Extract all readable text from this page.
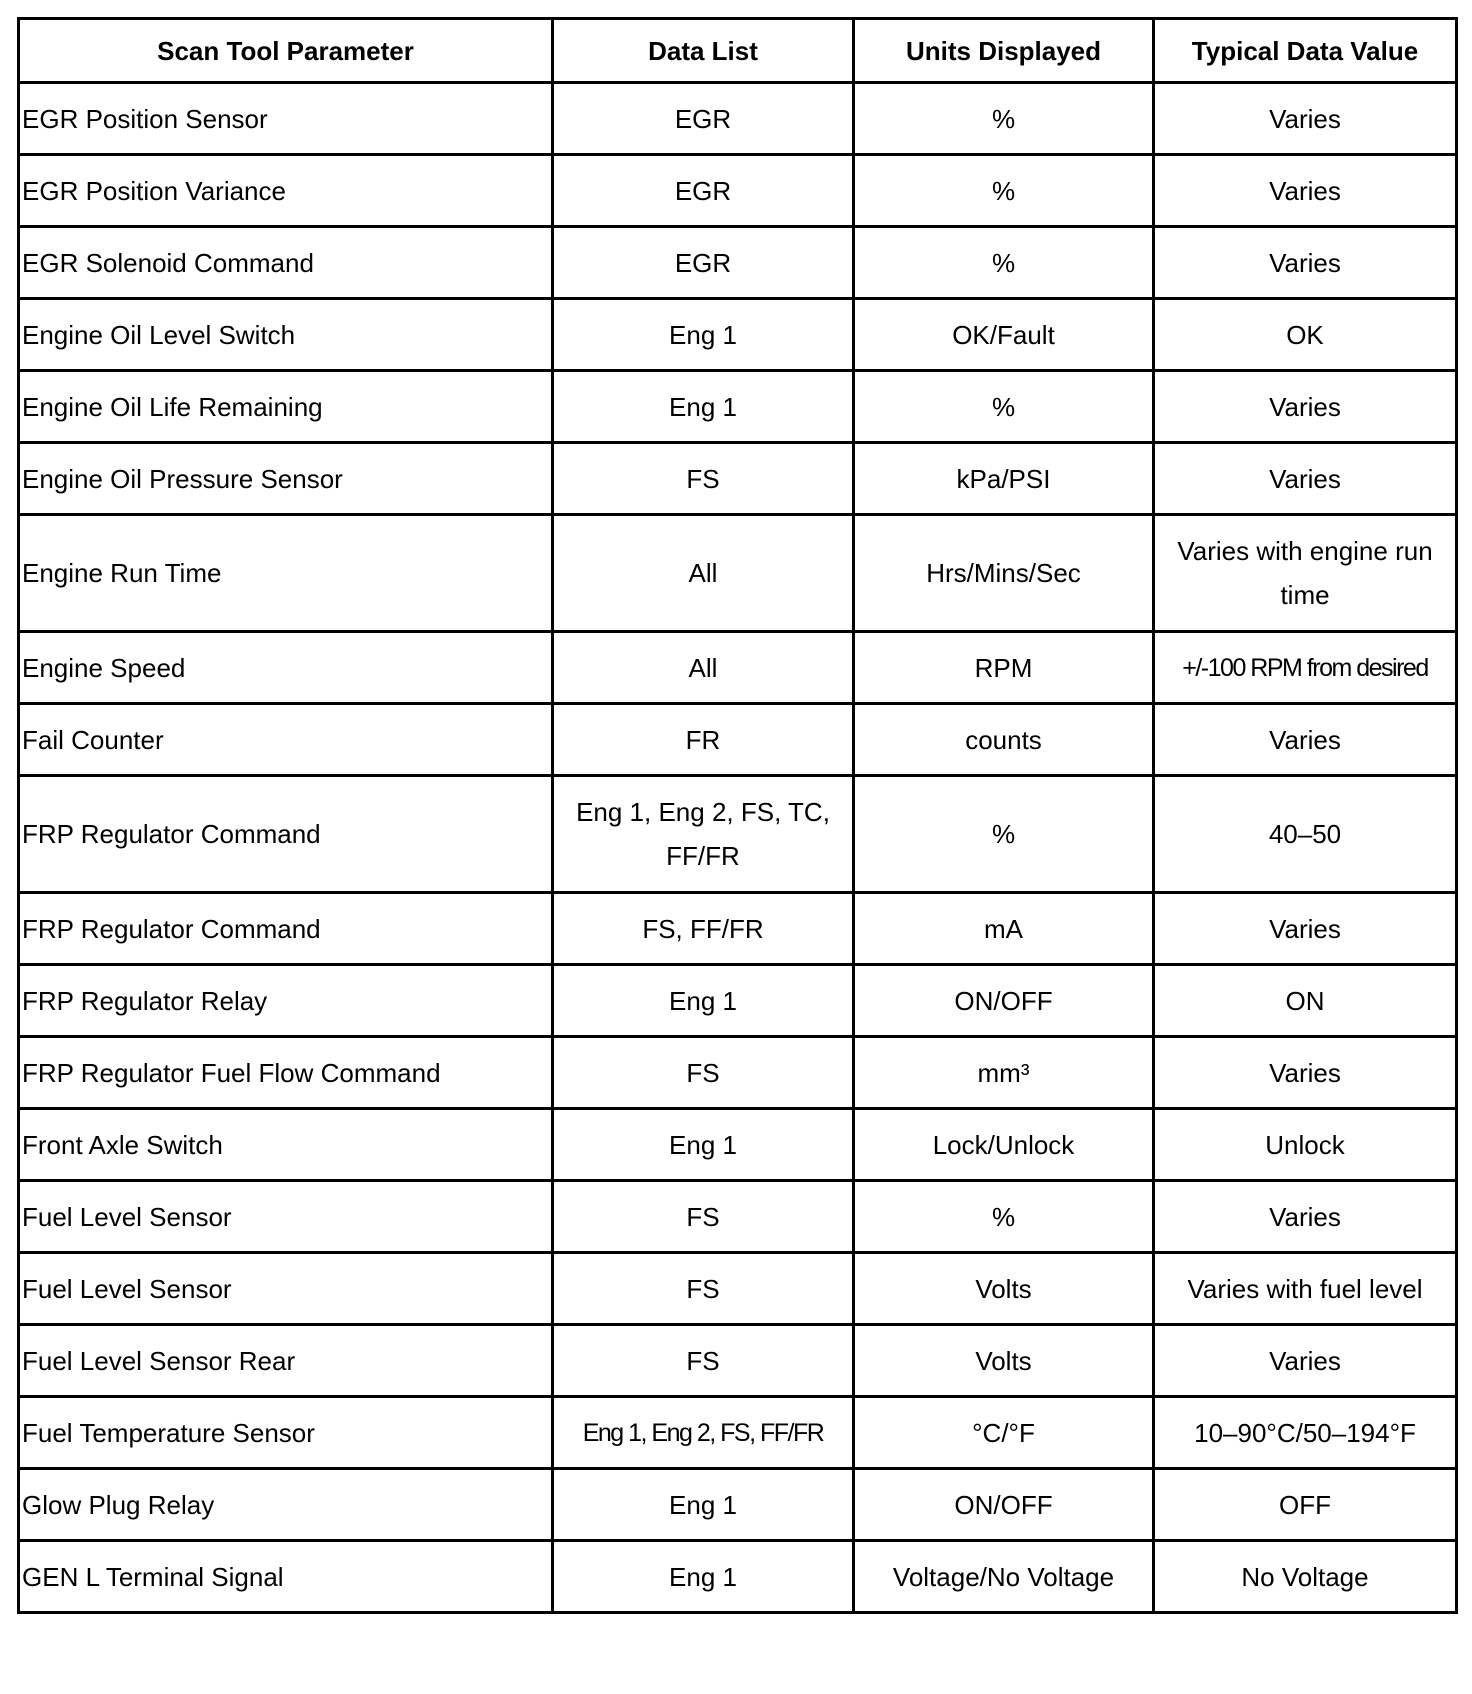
Scan Tool Parameter	Data List	Units Displayed	Typical Data Value
EGR Position Sensor	EGR	%	Varies
EGR Position Variance	EGR	%	Varies
EGR Solenoid Command	EGR	%	Varies
Engine Oil Level Switch	Eng 1	OK/Fault	OK
Engine Oil Life Remaining	Eng 1	%	Varies
Engine Oil Pressure Sensor	FS	kPa/PSI	Varies
Engine Run Time	All	Hrs/Mins/Sec	Varies with engine run time
Engine Speed	All	RPM	+/-100 RPM from desired
Fail Counter	FR	counts	Varies
FRP Regulator Command	Eng 1, Eng 2, FS, TC, FF/FR	%	40–50
FRP Regulator Command	FS, FF/FR	mA	Varies
FRP Regulator Relay	Eng 1	ON/OFF	ON
FRP Regulator Fuel Flow Command	FS	mm³	Varies
Front Axle Switch	Eng 1	Lock/Unlock	Unlock
Fuel Level Sensor	FS	%	Varies
Fuel Level Sensor	FS	Volts	Varies with fuel level
Fuel Level Sensor Rear	FS	Volts	Varies
Fuel Temperature Sensor	Eng 1, Eng 2, FS, FF/FR	°C/°F	10–90°C/50–194°F
Glow Plug Relay	Eng 1	ON/OFF	OFF
GEN L Terminal Signal	Eng 1	Voltage/No Voltage	No Voltage
